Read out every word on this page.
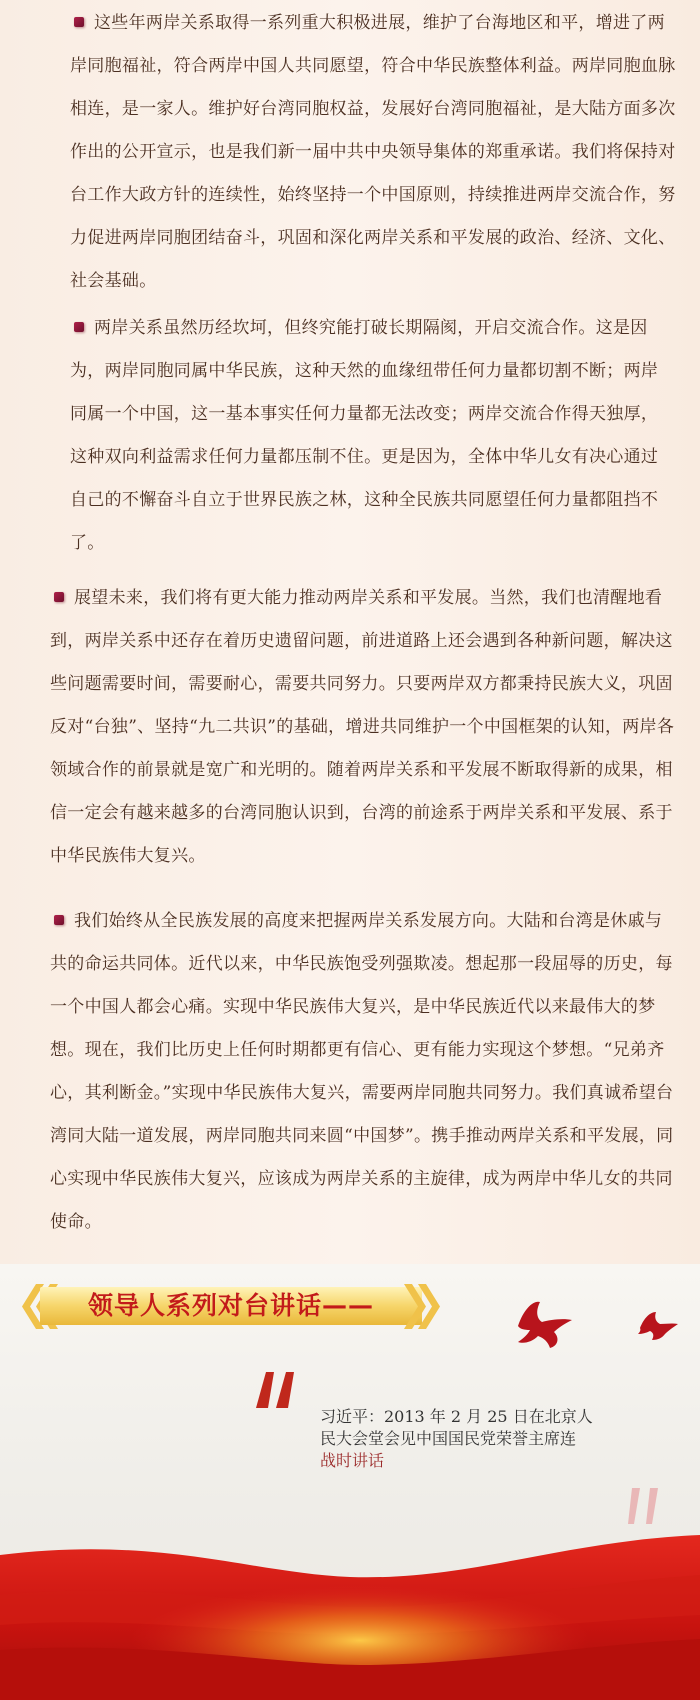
这些年两岸关系取得一系列重大积极进展，维护了台海地区和平，增进了两岸同胞福祉，符合两岸中国人共同愿望，符合中华民族整体利益。两岸同胞血脉相连，是一家人。维护好台湾同胞权益，发展好台湾同胞福祉，是大陆方面多次作出的公开宣示，也是我们新一届中共中央领导集体的郑重承诺。我们将保持对台工作大政方针的连续性，始终坚持一个中国原则，持续推进两岸交流合作，努力促进两岸同胞团结奋斗，巩固和深化两岸关系和平发展的政治、经济、文化、社会基础。

两岸关系虽然历经坎坷，但终究能打破长期隔阂，开启交流合作。这是因为，两岸同胞同属中华民族，这种天然的血缘纽带任何力量都切割不断；两岸同属一个中国，这一基本事实任何力量都无法改变；两岸交流合作得天独厚，这种双向利益需求任何力量都压制不住。更是因为，全体中华儿女有决心通过自己的不懈奋斗自立于世界民族之林，这种全民族共同愿望任何力量都阻挡不了。

展望未来，我们将有更大能力推动两岸关系和平发展。当然，我们也清醒地看到，两岸关系中还存在着历史遗留问题，前进道路上还会遇到各种新问题，解决这些问题需要时间，需要耐心，需要共同努力。只要两岸双方都秉持民族大义，巩固反对“台独”、坚持“九二共识”的基础，增进共同维护一个中国框架的认知，两岸各领域合作的前景就是宽广和光明的。随着两岸关系和平发展不断取得新的成果，相信一定会有越来越多的台湾同胞认识到，台湾的前途系于两岸关系和平发展、系于中华民族伟大复兴。

我们始终从全民族发展的高度来把握两岸关系发展方向。大陆和台湾是休戚与共的命运共同体。近代以来，中华民族饱受列强欺凌。想起那一段屈辱的历史，每一个中国人都会心痛。实现中华民族伟大复兴，是中华民族近代以来最伟大的梦想。现在，我们比历史上任何时期都更有信心、更有能力实现这个梦想。“兄弟齐心，其利断金。”实现中华民族伟大复兴，需要两岸同胞共同努力。我们真诚希望台湾同大陆一道发展，两岸同胞共同来圆“中国梦”。携手推动两岸关系和平发展，同心实现中华民族伟大复兴，应该成为两岸关系的主旋律，成为两岸中华儿女的共同使命。

领导人系列对台讲话——
习近平：2013 年 2 月 25 日在北京人
民大会堂会见中国国民党荣誉主席连
战时讲话
